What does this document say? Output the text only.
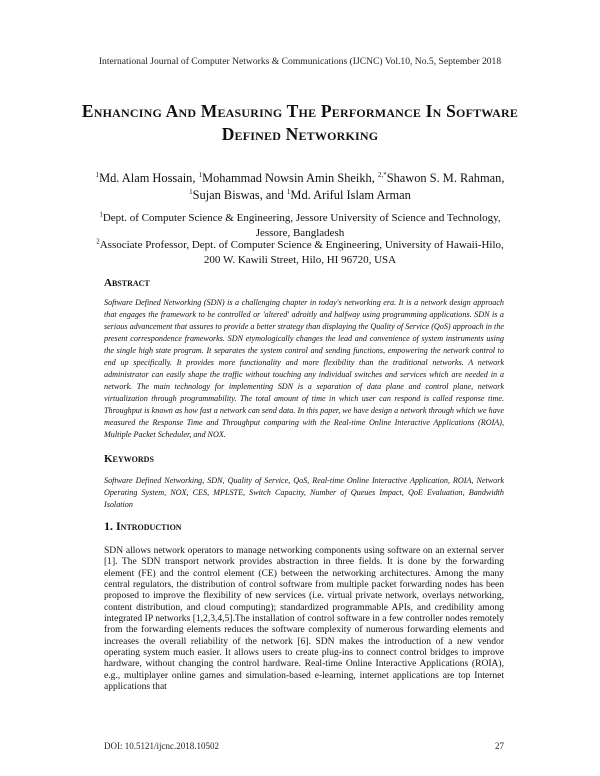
International Journal of Computer Networks & Communications (IJCNC) Vol.10, No.5, September 2018
Enhancing And Measuring The Performance In Software Defined Networking
$^1$Md. Alam Hossain, $^1$Mohammad Nowsin Amin Sheikh, $^{2,*}$Shawon S. M. Rahman, $^1$Sujan Biswas, and $^1$Md. Ariful Islam Arman
$^1$Dept. of Computer Science & Engineering, Jessore University of Science and Technology, Jessore, Bangladesh
$^2$Associate Professor, Dept. of Computer Science & Engineering, University of Hawaii-Hilo, 200 W. Kawili Street, Hilo, HI 96720, USA
Abstract
Software Defined Networking (SDN) is a challenging chapter in today's networking era. It is a network design approach that engages the framework to be controlled or 'altered' adroitly and halfway using programming applications. SDN is a serious advancement that assures to provide a better strategy than displaying the Quality of Service (QoS) approach in the present correspondence frameworks. SDN etymologically changes the lead and convenience of system instruments using the single high state program. It separates the system control and sending functions, empowering the network control to end up specifically. It provides more functionality and more flexibility than the traditional networks. A network administrator can easily shape the traffic without touching any individual switches and services which are needed in a network. The main technology for implementing SDN is a separation of data plane and control plane, network virtualization through programmability. The total amount of time in which user can respond is called response time. Throughput is known as how fast a network can send data. In this paper, we have design a network through which we have measured the Response Time and Throughput comparing with the Real-time Online Interactive Applications (ROIA), Multiple Packet Scheduler, and NOX.
Keywords
Software Defined Networking, SDN, Quality of Service, QoS, Real-time Online Interactive Application, ROIA, Network Operating System, NOX, CES, MPLSTE, Switch Capacity, Number of Queues Impact, QoE Evaluation, Bandwidth Isolation
1. Introduction
SDN allows network operators to manage networking components using software on an external server [1]. The SDN transport network provides abstraction in three fields. It is done by the forwarding element (FE) and the control element (CE) between the networking architectures. Among the many central regulators, the distribution of control software from multiple packet forwarding nodes has been proposed to improve the flexibility of new services (i.e. virtual private network, overlays networking, content distribution, and cloud computing); standardized programmable APIs, and credibility among integrated IP networks [1,2,3,4,5].The installation of control software in a few controller nodes remotely from the forwarding elements reduces the software complexity of numerous forwarding elements and increases the overall reliability of the network [6]. SDN makes the introduction of a new vendor operating system much easier. It allows users to create plug-ins to connect control bridges to improve hardware, without changing the control hardware. Real-time Online Interactive Applications (ROIA), e.g., multiplayer online games and simulation-based e-learning, internet applications are top Internet applications that
DOI: 10.5121/ijcnc.2018.10502	27
